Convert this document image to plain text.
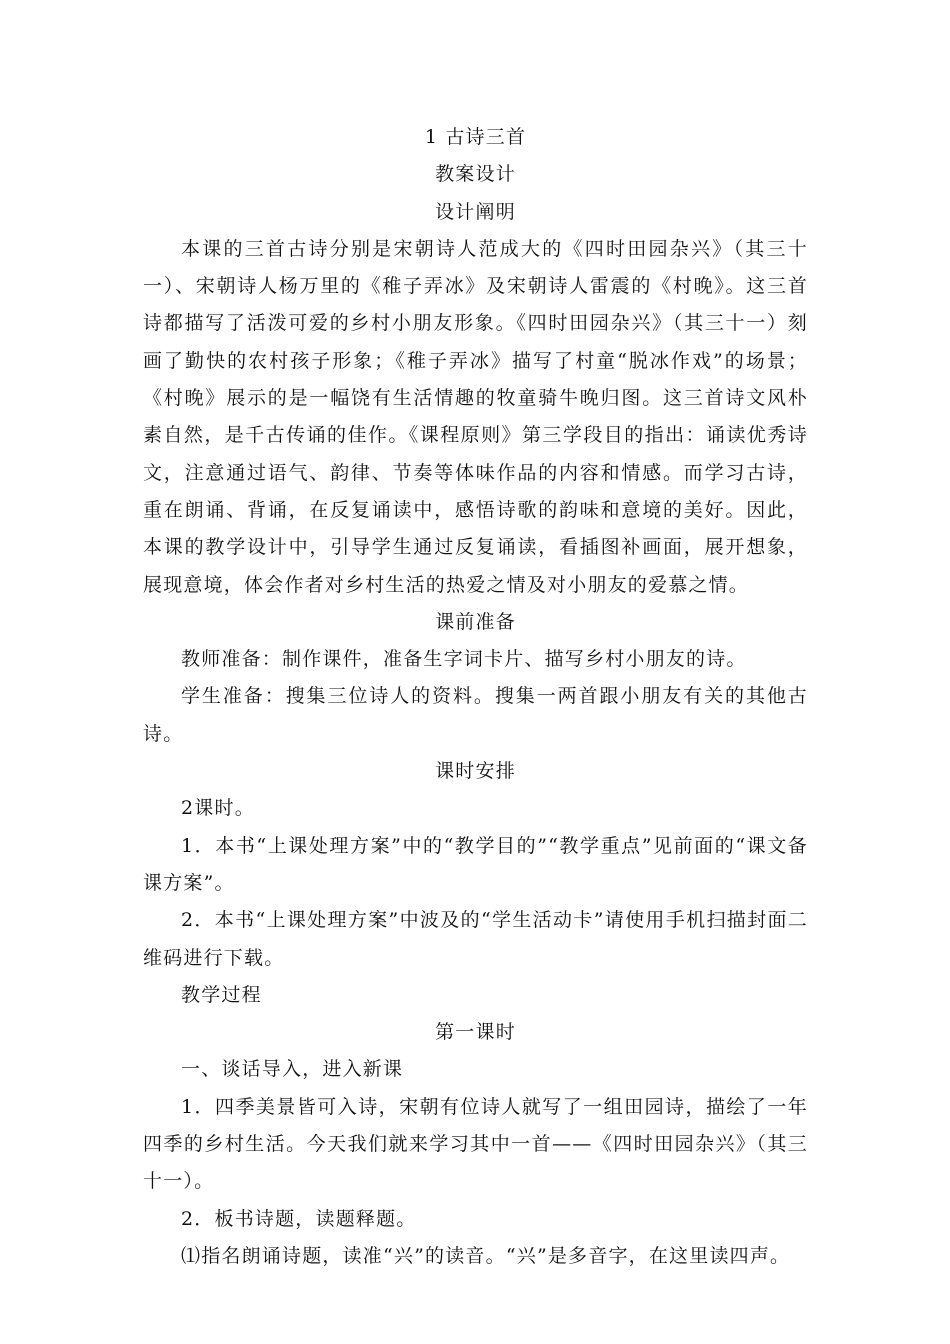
1 古诗三首

教案设计

设计阐明

本课的三首古诗分别是宋朝诗人范成大的《四时田园杂兴》（其三十一）、宋朝诗人杨万里的《稚子弄冰》及宋朝诗人雷震的《村晚》。这三首诗都描写了活泼可爱的乡村小朋友形象。《四时田园杂兴》（其三十一）刻画了勤快的农村孩子形象；《稚子弄冰》描写了村童“脱冰作戏”的场景；《村晚》展示的是一幅饶有生活情趣的牧童骑牛晚归图。这三首诗文风朴素自然，是千古传诵的佳作。《课程原则》第三学段目的指出：诵读优秀诗文，注意通过语气、韵律、节奏等体味作品的内容和情感。而学习古诗，重在朗诵、背诵，在反复诵读中，感悟诗歌的韵味和意境的美好。因此，本课的教学设计中，引导学生通过反复诵读，看插图补画面，展开想象，展现意境，体会作者对乡村生活的热爱之情及对小朋友的爱慕之情。

课前准备

教师准备：制作课件，准备生字词卡片、描写乡村小朋友的诗。

学生准备：搜集三位诗人的资料。搜集一两首跟小朋友有关的其他古诗。

课时安排

2课时。

1．本书“上课处理方案”中的“教学目的”“教学重点”见前面的“课文备课方案”。

2．本书“上课处理方案”中波及的“学生活动卡”请使用手机扫描封面二维码进行下载。

教学过程

第一课时

一、谈话导入，进入新课

1．四季美景皆可入诗，宋朝有位诗人就写了一组田园诗，描绘了一年四季的乡村生活。今天我们就来学习其中一首——《四时田园杂兴》（其三十一）。

2．板书诗题，读题释题。

⑴指名朗诵诗题，读准“兴”的读音。“兴”是多音字，在这里读四声。
